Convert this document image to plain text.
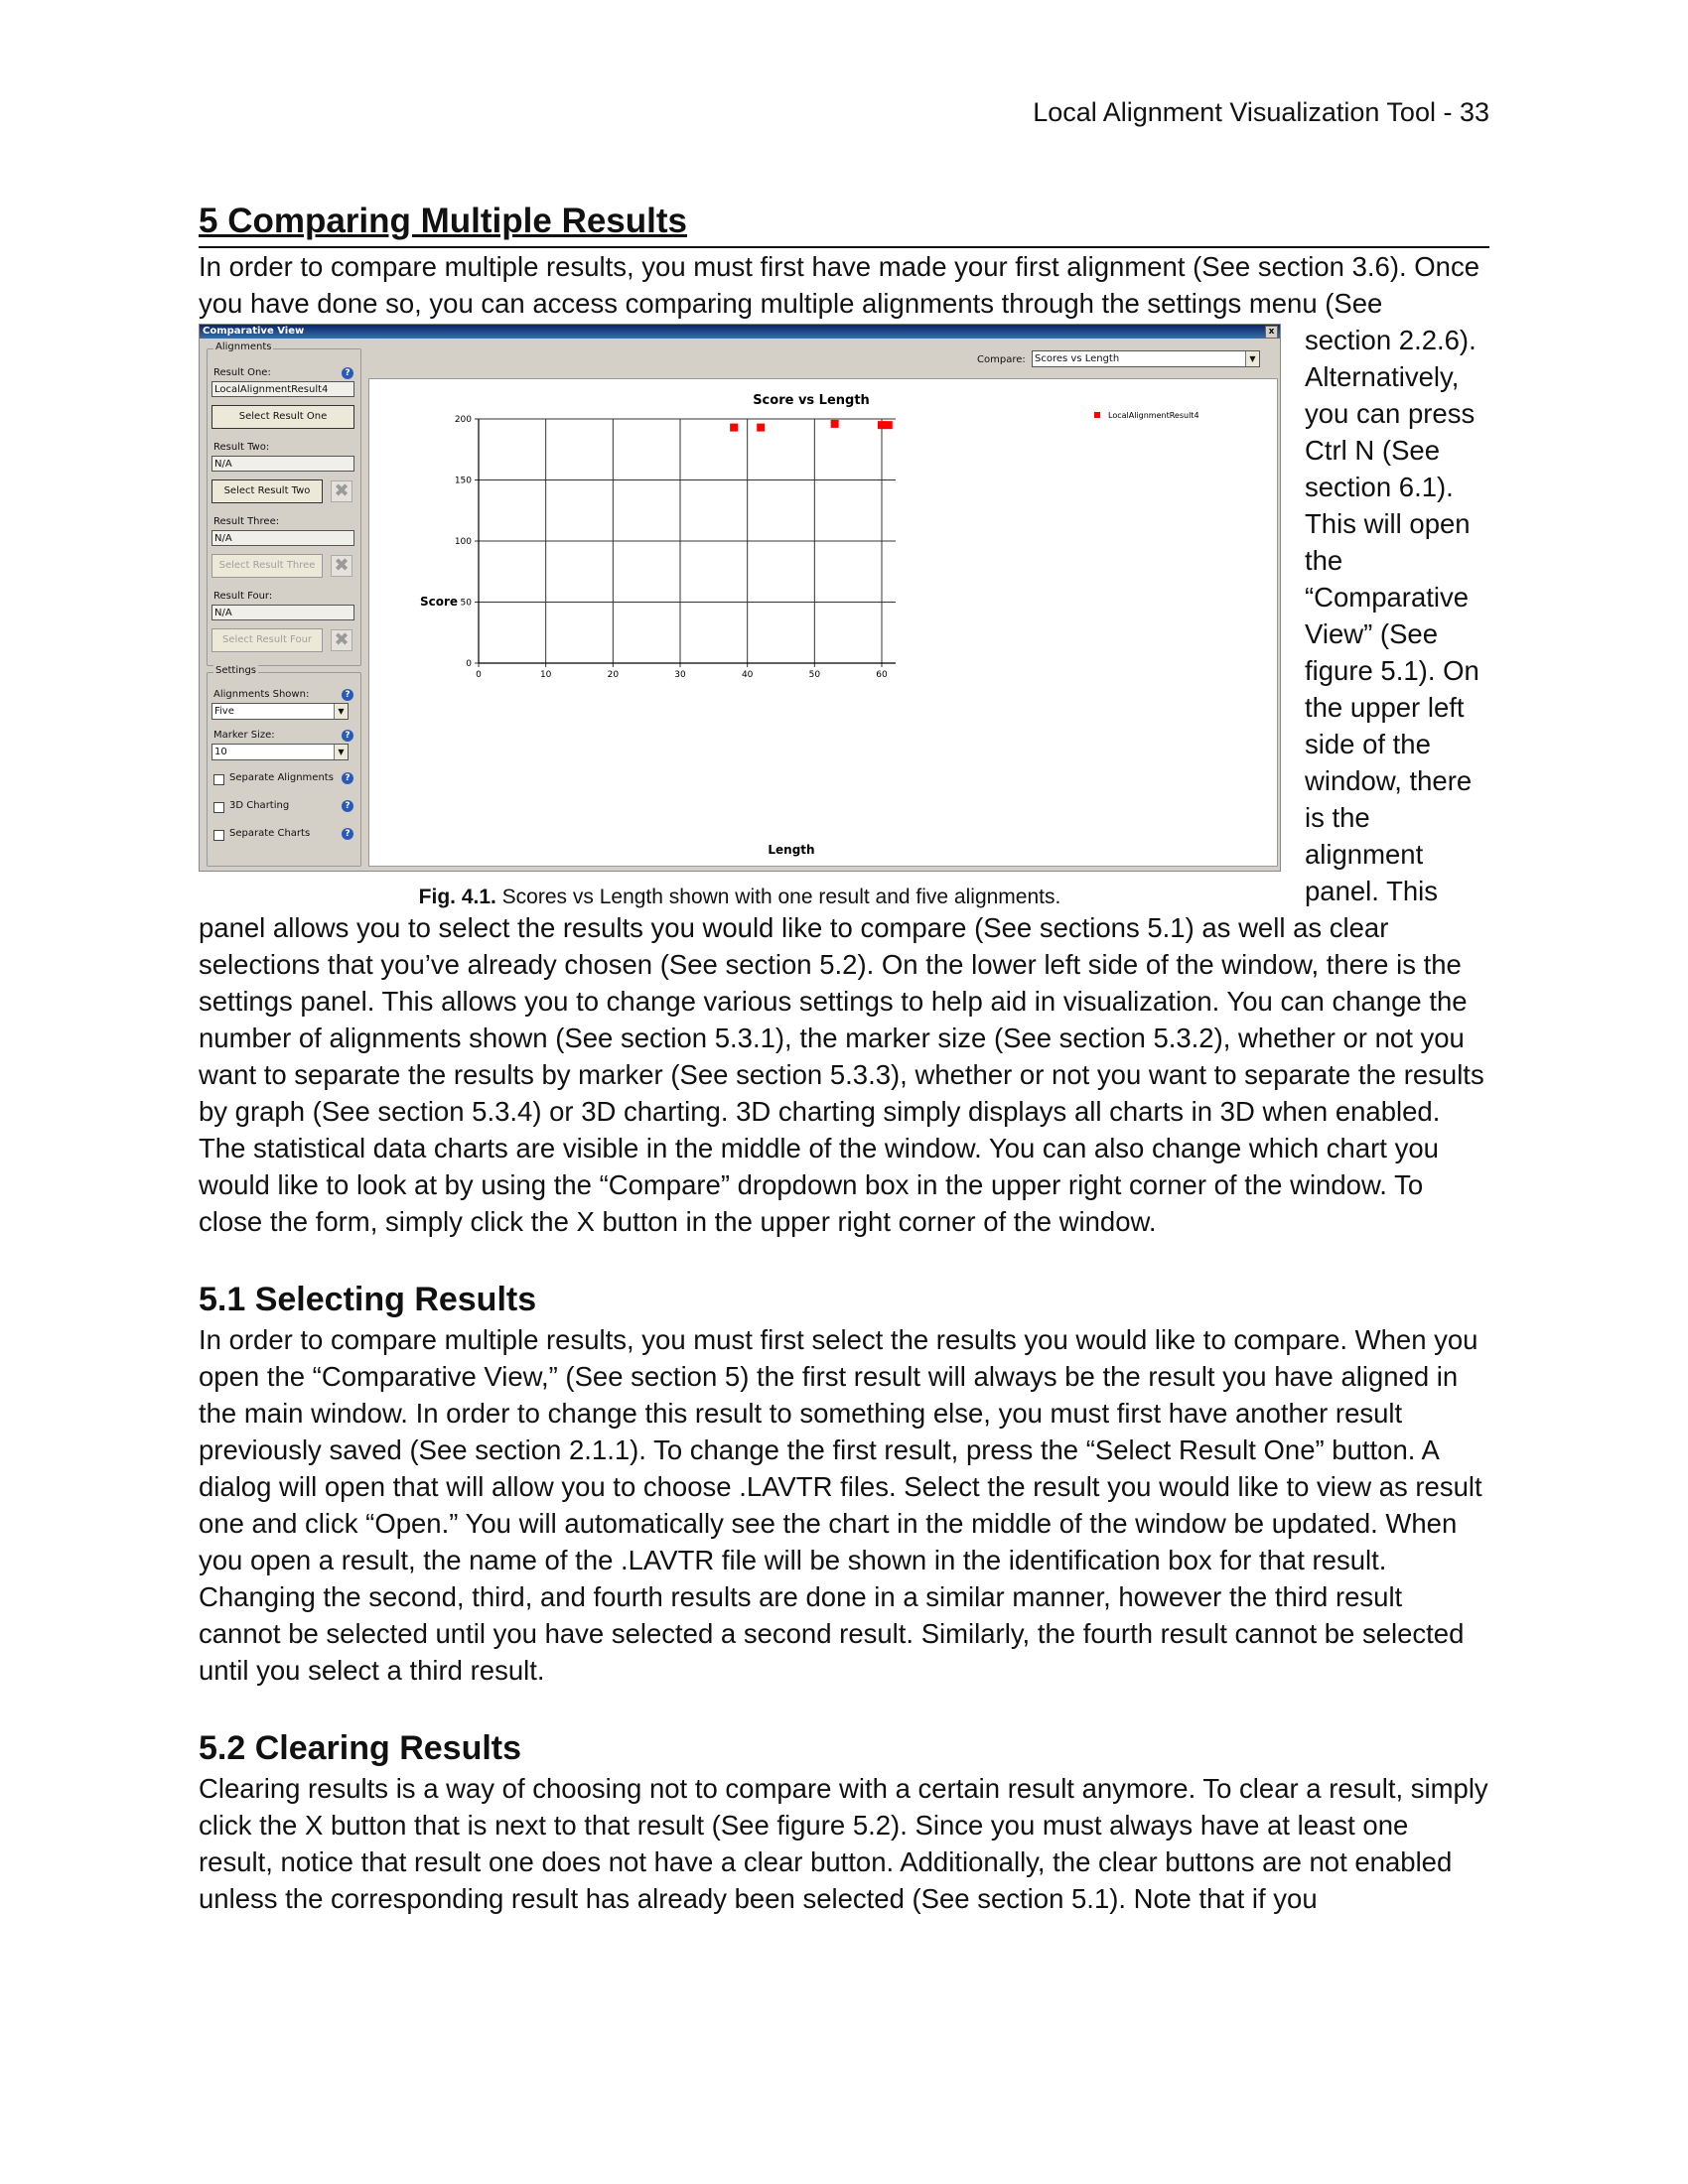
Local Alignment Visualization Tool - 33
5 Comparing Multiple Results

In order to compare multiple results, you must first have made your first alignment (See section 3.6). Once you have done so, you can access comparing multiple alignments through the settings menu (See

Comparative View	x
Alignments
Result One:	?
LocalAlignmentResult4
Select Result One
Result Two:
N/A
Select Result Two	✖
Result Three:
N/A
Select Result Three	✖
Result Four:
N/A
Select Result Four	✖
Settings
Alignments Shown:	?
Five	▼
Marker Size:	?
10	▼
Separate Alignments	?
3D Charting	?
Separate Charts	?
Compare: Scores vs Length	▼
Score vs Length
Score
Length
0	10	20	30	40	50	60
0
50
100
150
200	LocalAlignmentResult4
Fig. 4.1. Scores vs Length shown with one result and five alignments.

section 2.2.6). Alternatively, you can press Ctrl N (See section 6.1). This will open the “Comparative View” (See figure 5.1). On the upper left side of the window, there is the alignment panel. This panel allows you to select the results you would like to compare (See sections 5.1) as well as clear selections that you’ve already chosen (See section 5.2). On the lower left side of the window, there is the settings panel. This allows you to change various settings to help aid in visualization. You can change the number of alignments shown (See section 5.3.1), the marker size (See section 5.3.2), whether or not you want to separate the results by marker (See section 5.3.3), whether or not you want to separate the results by graph (See section 5.3.4) or 3D charting. 3D charting simply displays all charts in 3D when enabled. The statistical data charts are visible in the middle of the window. You can also change which chart you would like to look at by using the “Compare” dropdown box in the upper right corner of the window. To close the form, simply click the X button in the upper right corner of the window.

5.1 Selecting Results

In order to compare multiple results, you must first select the results you would like to compare. When you open the “Comparative View,” (See section 5) the first result will always be the result you have aligned in the main window. In order to change this result to something else, you must first have another result previously saved (See section 2.1.1). To change the first result, press the “Select Result One” button. A dialog will open that will allow you to choose .LAVTR files. Select the result you would like to view as result one and click “Open.” You will automatically see the chart in the middle of the window be updated. When you open a result, the name of the .LAVTR file will be shown in the identification box for that result. Changing the second, third, and fourth results are done in a similar manner, however the third result cannot be selected until you have selected a second result. Similarly, the fourth result cannot be selected until you select a third result.

5.2 Clearing Results

Clearing results is a way of choosing not to compare with a certain result anymore. To clear a result, simply click the X button that is next to that result (See figure 5.2). Since you must always have at least one result, notice that result one does not have a clear button. Additionally, the clear buttons are not enabled unless the corresponding result has already been selected (See section 5.1). Note that if you
